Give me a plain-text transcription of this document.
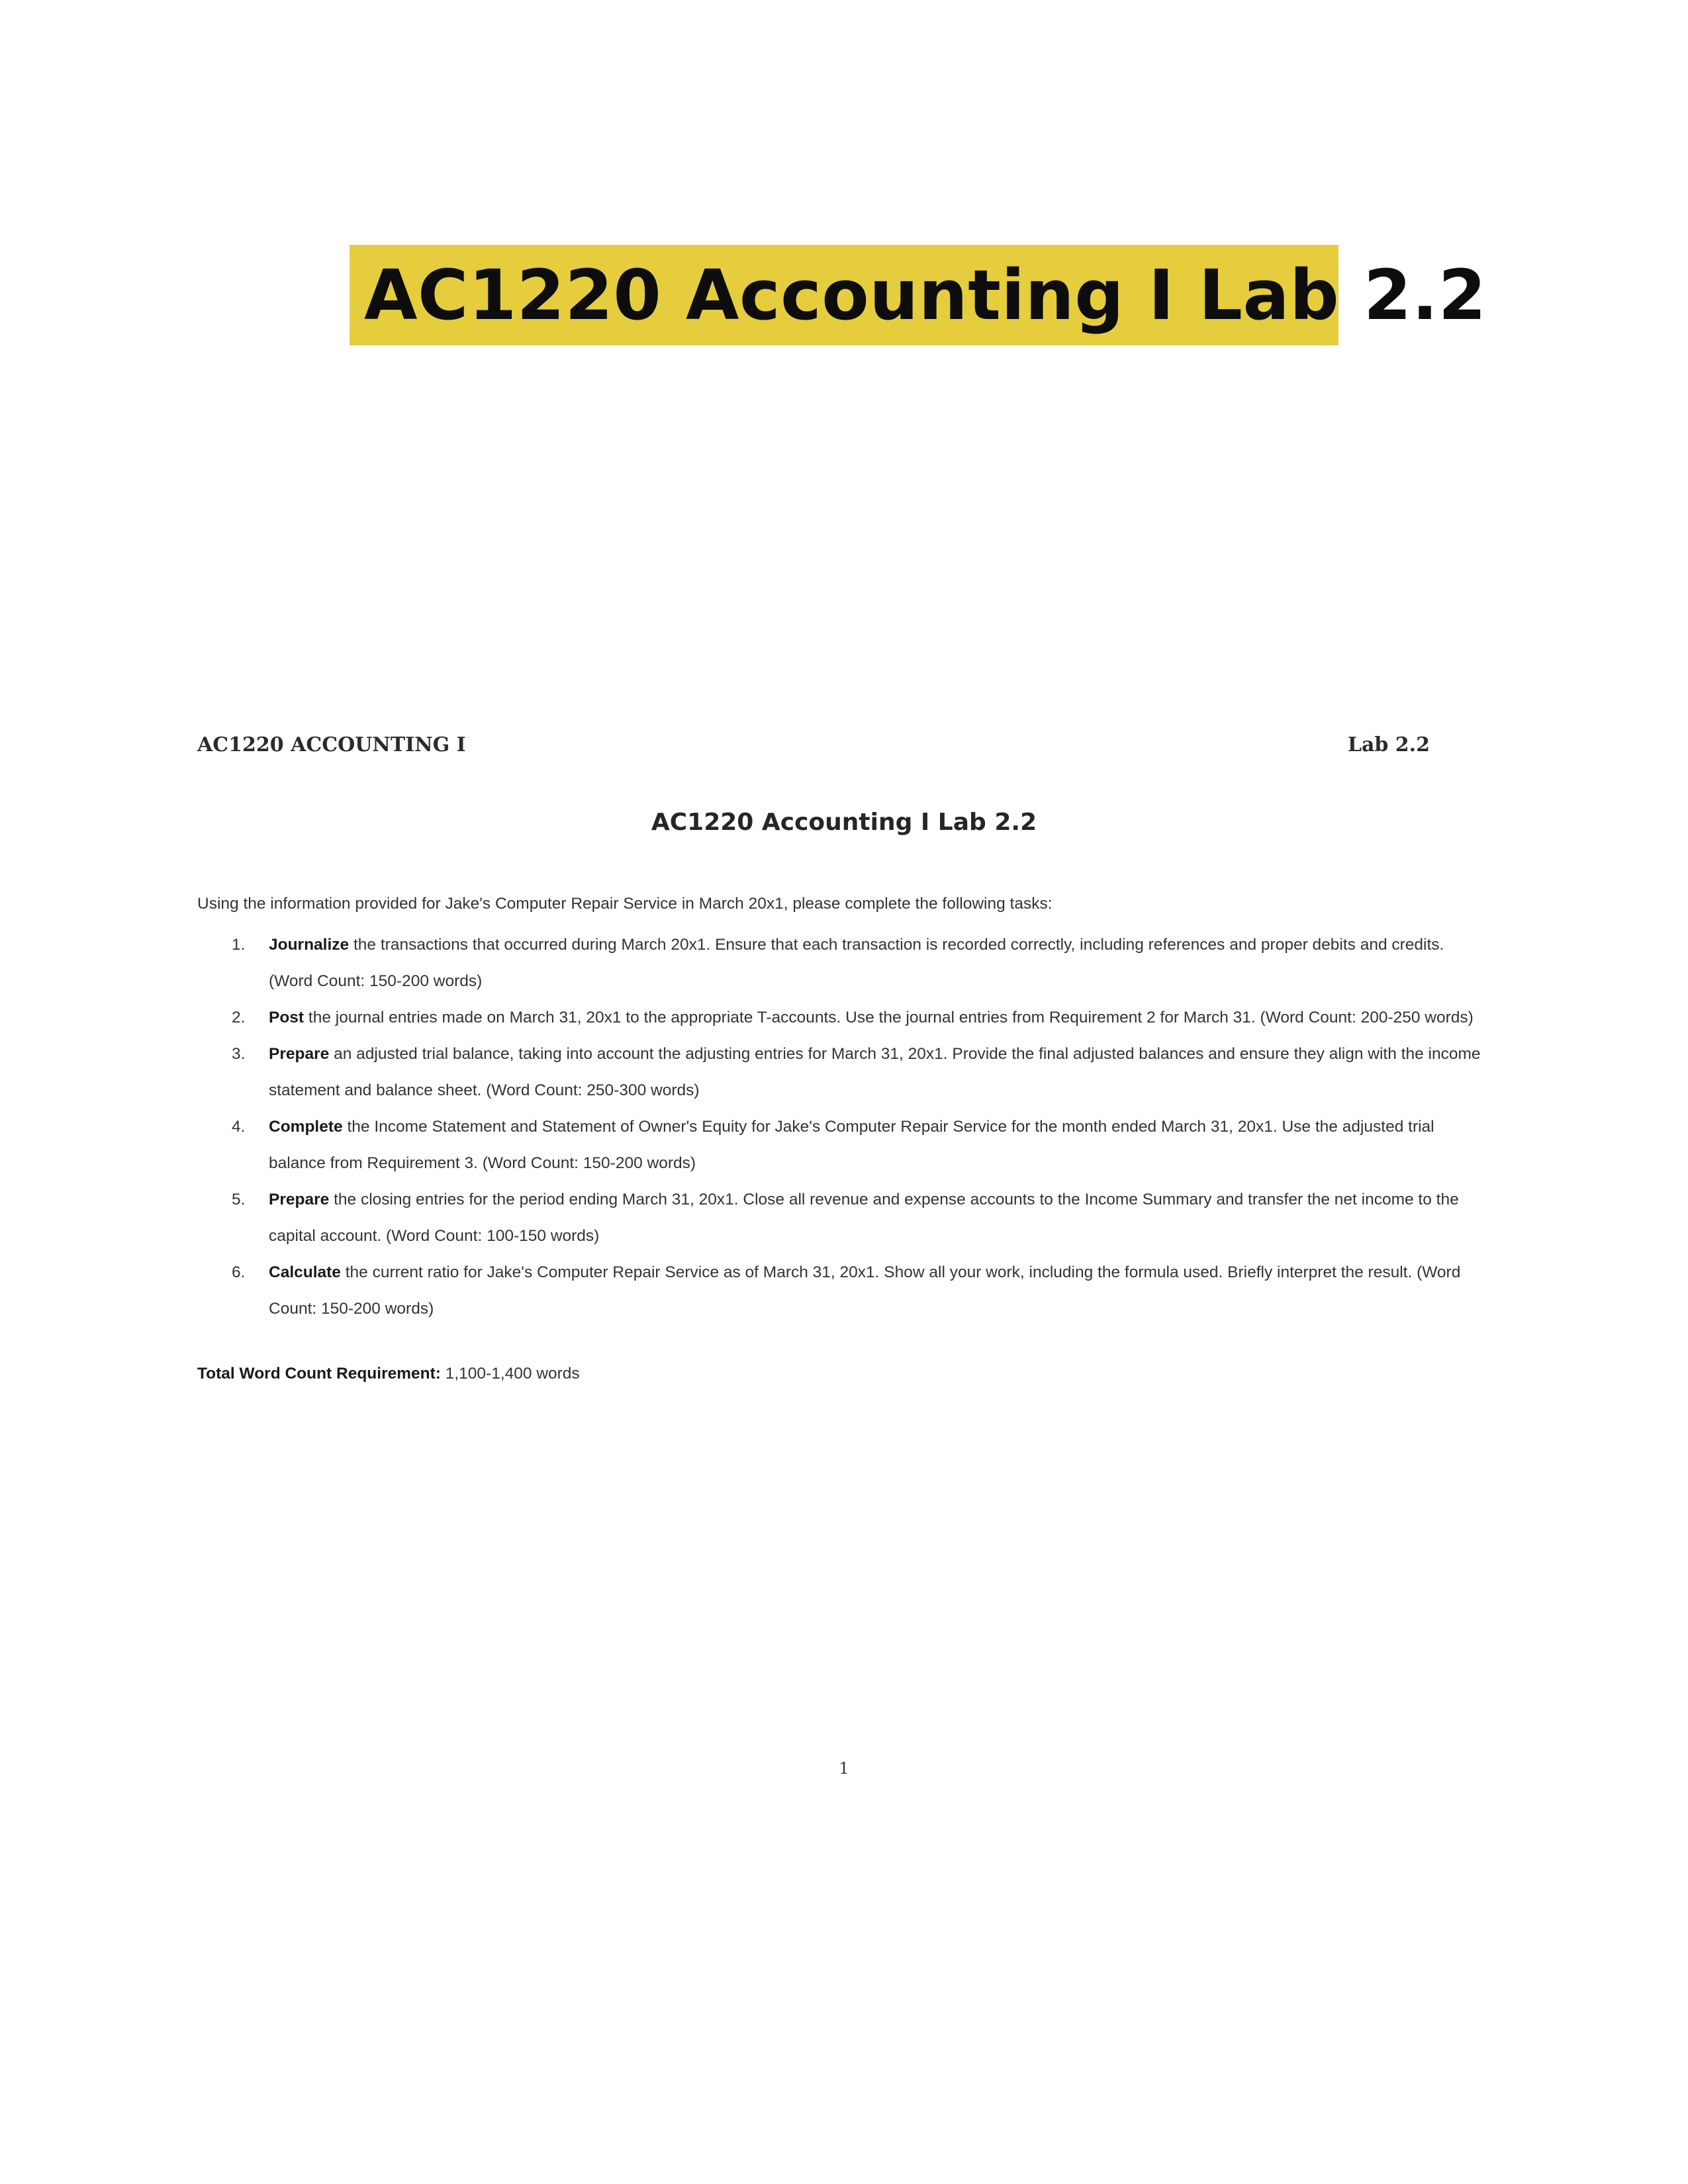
AC1220 Accounting I Lab 2.2
AC1220 ACCOUNTING I	Lab 2.2
AC1220 Accounting I Lab 2.2
Using the information provided for Jake's Computer Repair Service in March 20x1, please complete the following tasks:
1. Journalize the transactions that occurred during March 20x1. Ensure that each transaction is recorded correctly, including references and proper debits and credits. (Word Count: 150-200 words)
2. Post the journal entries made on March 31, 20x1 to the appropriate T-accounts. Use the journal entries from Requirement 2 for March 31. (Word Count: 200-250 words)
3. Prepare an adjusted trial balance, taking into account the adjusting entries for March 31, 20x1. Provide the final adjusted balances and ensure they align with the income statement and balance sheet. (Word Count: 250-300 words)
4. Complete the Income Statement and Statement of Owner's Equity for Jake's Computer Repair Service for the month ended March 31, 20x1. Use the adjusted trial balance from Requirement 3. (Word Count: 150-200 words)
5. Prepare the closing entries for the period ending March 31, 20x1. Close all revenue and expense accounts to the Income Summary and transfer the net income to the capital account. (Word Count: 100-150 words)
6. Calculate the current ratio for Jake's Computer Repair Service as of March 31, 20x1. Show all your work, including the formula used. Briefly interpret the result. (Word Count: 150-200 words)
Total Word Count Requirement: 1,100-1,400 words
1
